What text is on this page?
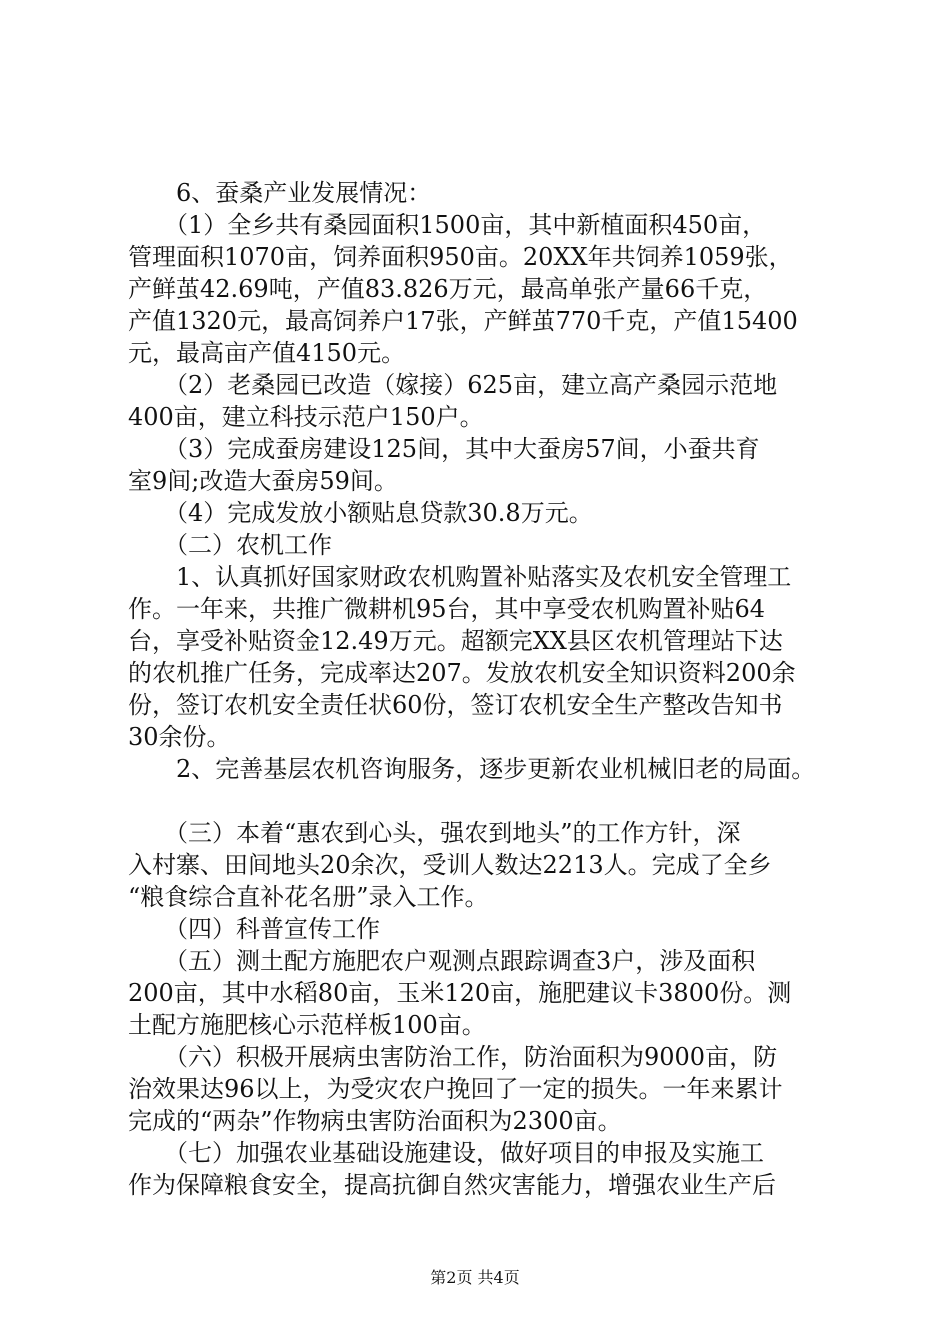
　　6、蚕桑产业发展情况：
　　（1）全乡共有桑园面积1500亩，其中新植面积450亩，
管理面积1070亩，饲养面积950亩。20XX年共饲养1059张，
产鲜茧42.69吨，产值83.826万元，最高单张产量66千克，
产值1320元，最高饲养户17张，产鲜茧770千克，产值15400
元，最高亩产值4150元。
　　（2）老桑园已改造（嫁接）625亩，建立高产桑园示范地
400亩，建立科技示范户150户。
　　（3）完成蚕房建设125间，其中大蚕房57间，小蚕共育
室9间;改造大蚕房59间。
　　（4）完成发放小额贴息贷款30.8万元。
　　（二）农机工作
　　1、认真抓好国家财政农机购置补贴落实及农机安全管理工
作。一年来，共推广微耕机95台，其中享受农机购置补贴64
台，享受补贴资金12.49万元。超额完XX县区农机管理站下达
的农机推广任务，完成率达207。发放农机安全知识资料200余
份，签订农机安全责任状60份，签订农机安全生产整改告知书
30余份。
　　2、完善基层农机咨询服务，逐步更新农业机械旧老的局面。
　　（三）本着“惠农到心头，强农到地头”的工作方针，深
入村寨、田间地头20余次，受训人数达2213人。完成了全乡
“粮食综合直补花名册”录入工作。
　　（四）科普宣传工作
　　（五）测土配方施肥农户观测点跟踪调查3户，涉及面积
200亩，其中水稻80亩，玉米120亩，施肥建议卡3800份。测
土配方施肥核心示范样板100亩。
　　（六）积极开展病虫害防治工作，防治面积为9000亩，防
治效果达96以上，为受灾农户挽回了一定的损失。一年来累计
完成的“两杂”作物病虫害防治面积为2300亩。
　　（七）加强农业基础设施建设，做好项目的申报及实施工
作为保障粮食安全，提高抗御自然灾害能力，增强农业生产后
第2页 共4页
